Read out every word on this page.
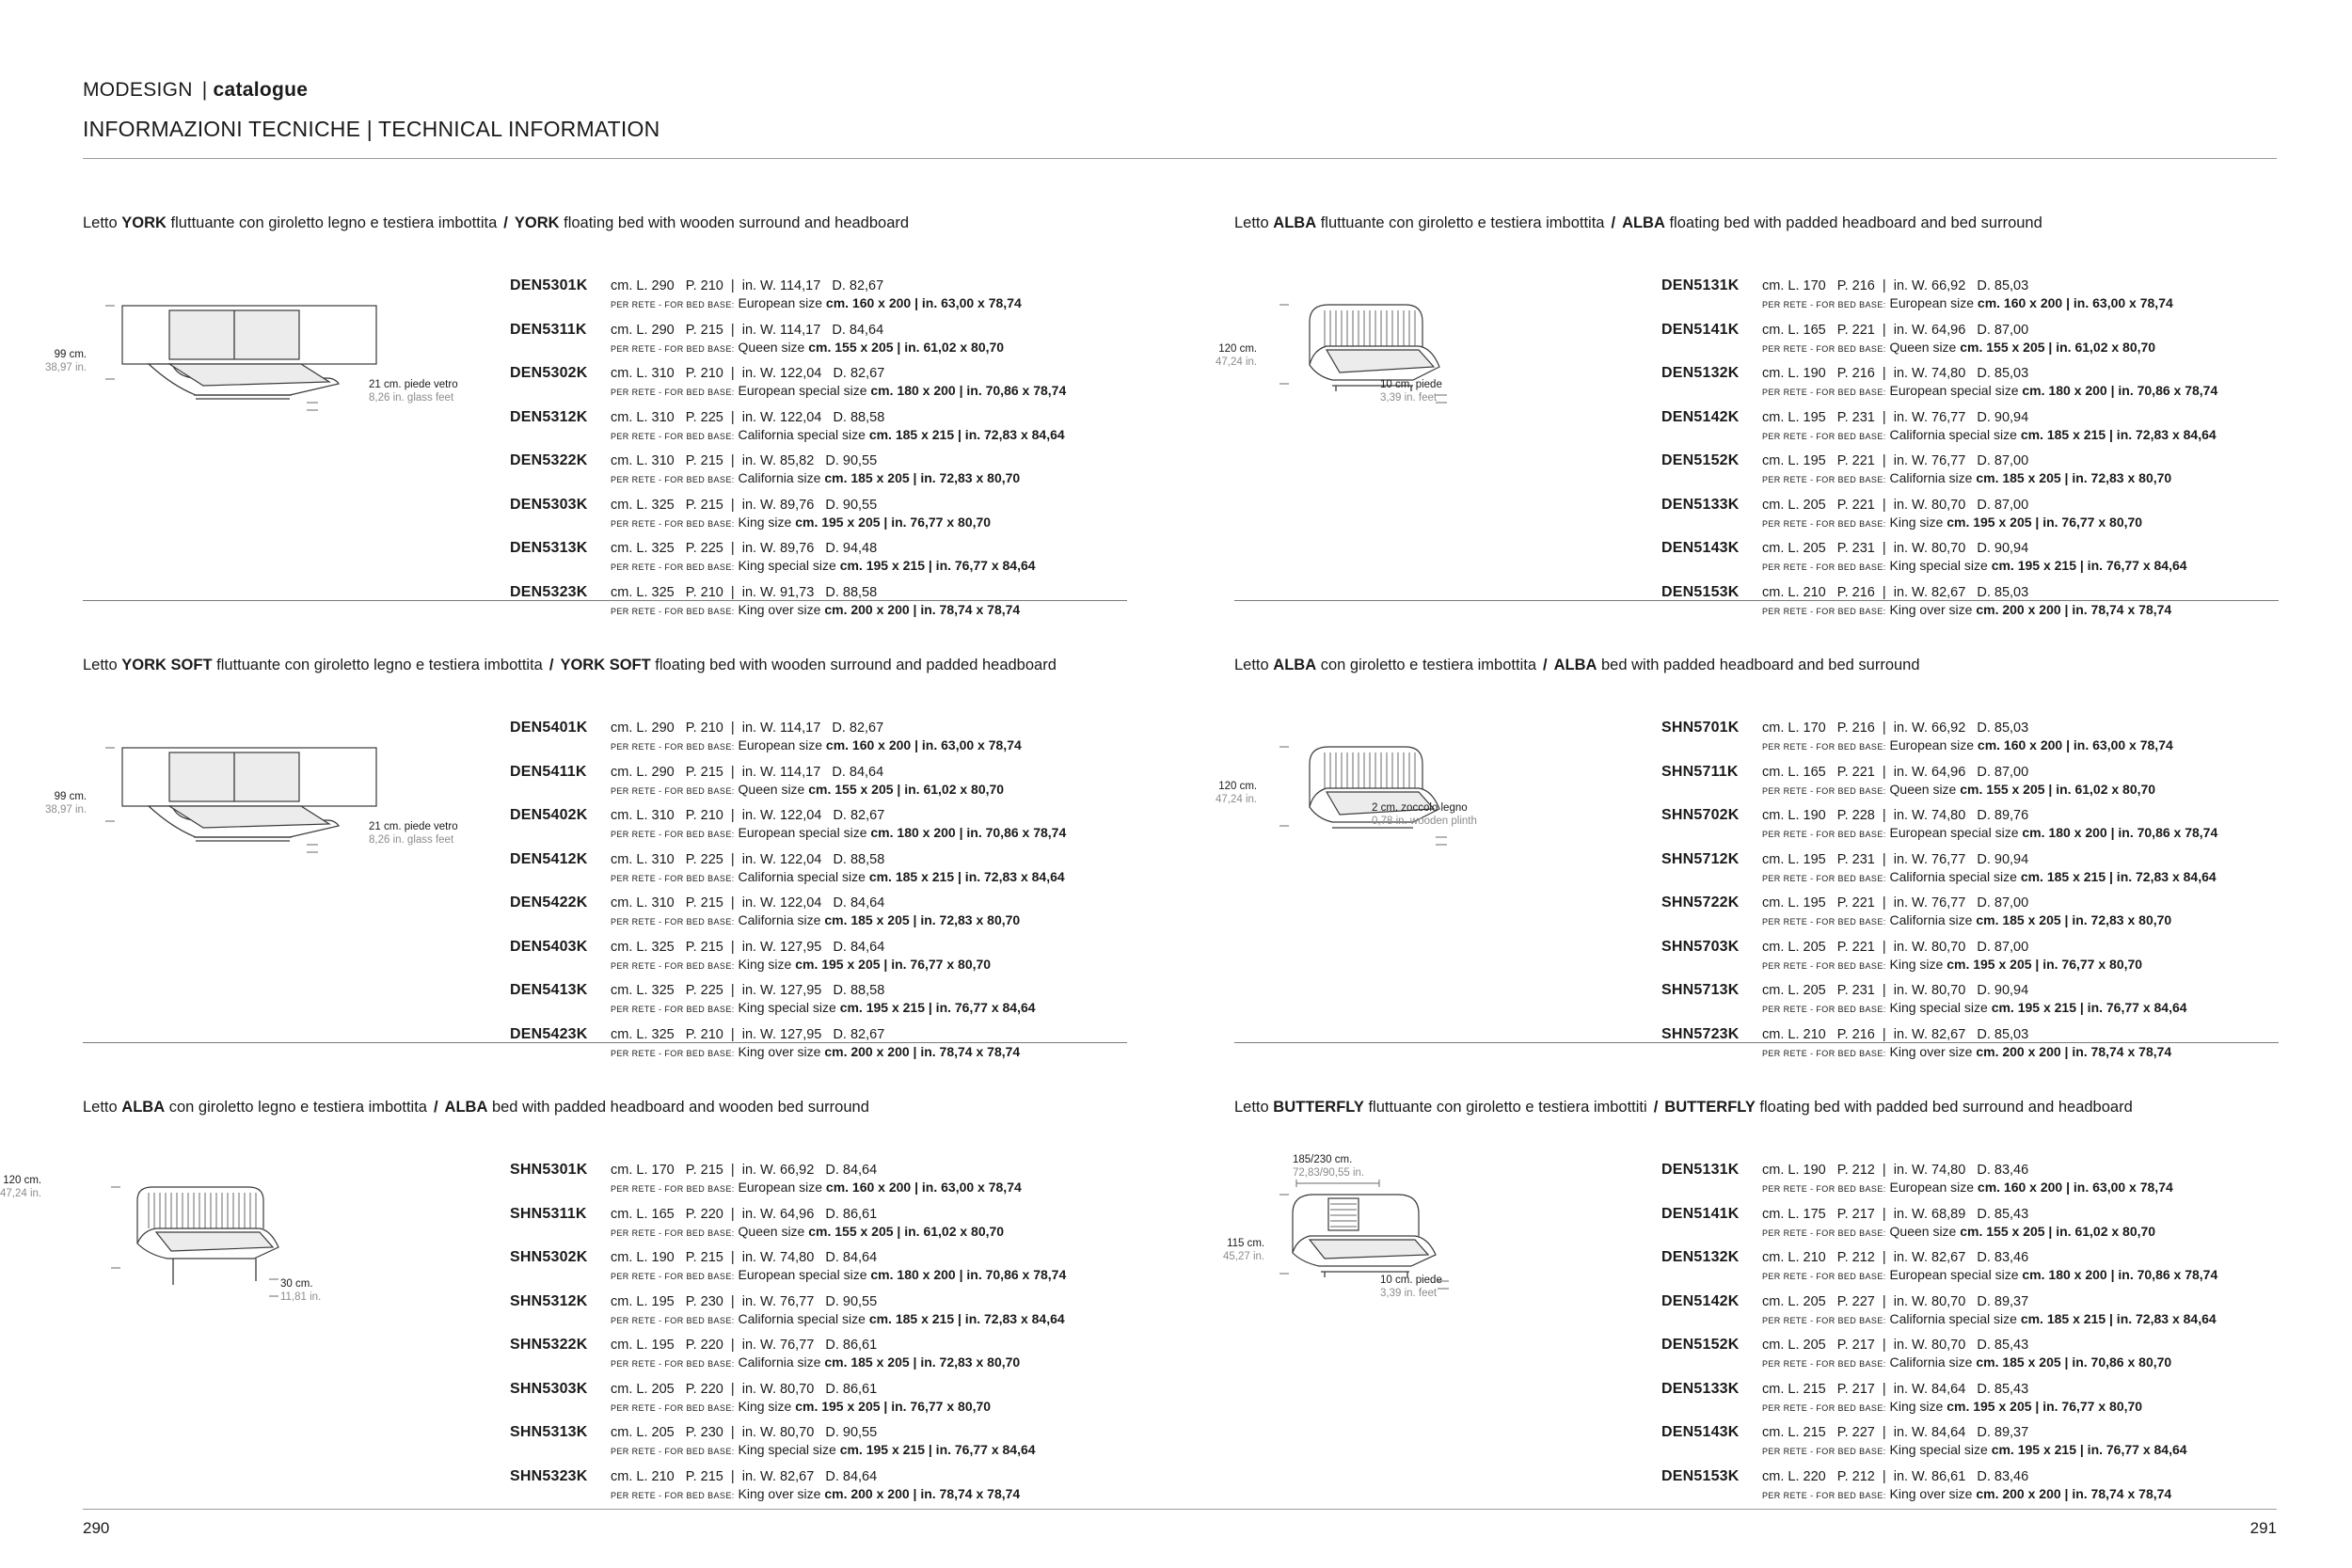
MODESIGN | catalogue
INFORMAZIONI TECNICHE | TECHNICAL INFORMATION
Letto YORK fluttuante con giroletto legno e testiera imbottita / YORK floating bed with wooden surround and headboard
99 cm.
38,97 in.
21 cm. piede vetro
8,26 in. glass feet
DEN5301K cm. L. 290   P. 210  |  in. W. 114,17   D. 82,67
PER RETE - FOR BED BASE: European size cm. 160 x 200 | in. 63,00 x 78,74
DEN5311K cm. L. 290   P. 215  |  in. W. 114,17   D. 84,64
PER RETE - FOR BED BASE: Queen size cm. 155 x 205 | in. 61,02 x 80,70
DEN5302K cm. L. 310   P. 210  |  in. W. 122,04   D. 82,67
PER RETE - FOR BED BASE: European special size cm. 180 x 200 | in. 70,86 x 78,74
DEN5312K cm. L. 310   P. 225  |  in. W. 122,04   D. 88,58
PER RETE - FOR BED BASE: California special size cm. 185 x 215 | in. 72,83 x 84,64
DEN5322K cm. L. 310   P. 215  |  in. W. 85,82   D. 90,55
PER RETE - FOR BED BASE: California size cm. 185 x 205 | in. 72,83 x 80,70
DEN5303K cm. L. 325   P. 215  |  in. W. 89,76   D. 90,55
PER RETE - FOR BED BASE: King size cm. 195 x 205 | in. 76,77 x 80,70
DEN5313K cm. L. 325   P. 225  |  in. W. 89,76   D. 94,48
PER RETE - FOR BED BASE: King special size cm. 195 x 215 | in. 76,77 x 84,64
DEN5323K cm. L. 325   P. 210  |  in. W. 91,73   D. 88,58
PER RETE - FOR BED BASE: King over size cm. 200 x 200 | in. 78,74 x 78,74
Letto ALBA fluttuante con giroletto e testiera imbottita / ALBA floating bed with padded headboard and bed surround
120 cm.
47,24 in.
10 cm. piede
3,39 in. feet
DEN5131K cm. L. 170   P. 216  |  in. W. 66,92   D. 85,03
PER RETE - FOR BED BASE: European size cm. 160 x 200 | in. 63,00 x 78,74
DEN5141K cm. L. 165   P. 221  |  in. W. 64,96   D. 87,00
PER RETE - FOR BED BASE: Queen size cm. 155 x 205 | in. 61,02 x 80,70
DEN5132K cm. L. 190   P. 216  |  in. W. 74,80   D. 85,03
PER RETE - FOR BED BASE: European special size cm. 180 x 200 | in. 70,86 x 78,74
DEN5142K cm. L. 195   P. 231  |  in. W. 76,77   D. 90,94
PER RETE - FOR BED BASE: California special size cm. 185 x 215 | in. 72,83 x 84,64
DEN5152K cm. L. 195   P. 221  |  in. W. 76,77   D. 87,00
PER RETE - FOR BED BASE: California size cm. 185 x 205 | in. 72,83 x 80,70
DEN5133K cm. L. 205   P. 221  |  in. W. 80,70   D. 87,00
PER RETE - FOR BED BASE: King size cm. 195 x 205 | in. 76,77 x 80,70
DEN5143K cm. L. 205   P. 231  |  in. W. 80,70   D. 90,94
PER RETE - FOR BED BASE: King special size cm. 195 x 215 | in. 76,77 x 84,64
DEN5153K cm. L. 210   P. 216  |  in. W. 82,67   D. 85,03
PER RETE - FOR BED BASE: King over size cm. 200 x 200 | in. 78,74 x 78,74
Letto YORK SOFT fluttuante con giroletto legno e testiera imbottita / YORK SOFT floating bed with wooden surround and padded headboard
99 cm.
38,97 in.
21 cm. piede vetro
8,26 in. glass feet
DEN5401K cm. L. 290   P. 210  |  in. W. 114,17   D. 82,67
PER RETE - FOR BED BASE: European size cm. 160 x 200 | in. 63,00 x 78,74
DEN5411K cm. L. 290   P. 215  |  in. W. 114,17   D. 84,64
PER RETE - FOR BED BASE: Queen size cm. 155 x 205 | in. 61,02 x 80,70
DEN5402K cm. L. 310   P. 210  |  in. W. 122,04   D. 82,67
PER RETE - FOR BED BASE: European special size cm. 180 x 200 | in. 70,86 x 78,74
DEN5412K cm. L. 310   P. 225  |  in. W. 122,04   D. 88,58
PER RETE - FOR BED BASE: California special size cm. 185 x 215 | in. 72,83 x 84,64
DEN5422K cm. L. 310   P. 215  |  in. W. 122,04   D. 84,64
PER RETE - FOR BED BASE: California size cm. 185 x 205 | in. 72,83 x 80,70
DEN5403K cm. L. 325   P. 215  |  in. W. 127,95   D. 84,64
PER RETE - FOR BED BASE: King size cm. 195 x 205 | in. 76,77 x 80,70
DEN5413K cm. L. 325   P. 225  |  in. W. 127,95   D. 88,58
PER RETE - FOR BED BASE: King special size cm. 195 x 215 | in. 76,77 x 84,64
DEN5423K cm. L. 325   P. 210  |  in. W. 127,95   D. 82,67
PER RETE - FOR BED BASE: King over size cm. 200 x 200 | in. 78,74 x 78,74
Letto ALBA con giroletto e testiera imbottita / ALBA bed with padded headboard and bed surround
120 cm.
47,24 in.
2 cm. zoccolo legno
0,78 in. wooden plinth
SHN5701K cm. L. 170   P. 216  |  in. W. 66,92   D. 85,03
PER RETE - FOR BED BASE: European size cm. 160 x 200 | in. 63,00 x 78,74
SHN5711K cm. L. 165   P. 221  |  in. W. 64,96   D. 87,00
PER RETE - FOR BED BASE: Queen size cm. 155 x 205 | in. 61,02 x 80,70
SHN5702K cm. L. 190   P. 228  |  in. W. 74,80   D. 89,76
PER RETE - FOR BED BASE: European special size cm. 180 x 200 | in. 70,86 x 78,74
SHN5712K cm. L. 195   P. 231  |  in. W. 76,77   D. 90,94
PER RETE - FOR BED BASE: California special size cm. 185 x 215 | in. 72,83 x 84,64
SHN5722K cm. L. 195   P. 221  |  in. W. 76,77   D. 87,00
PER RETE - FOR BED BASE: California size cm. 185 x 205 | in. 72,83 x 80,70
SHN5703K cm. L. 205   P. 221  |  in. W. 80,70   D. 87,00
PER RETE - FOR BED BASE: King size cm. 195 x 205 | in. 76,77 x 80,70
SHN5713K cm. L. 205   P. 231  |  in. W. 80,70   D. 90,94
PER RETE - FOR BED BASE: King special size cm. 195 x 215 | in. 76,77 x 84,64
SHN5723K cm. L. 210   P. 216  |  in. W. 82,67   D. 85,03
PER RETE - FOR BED BASE: King over size cm. 200 x 200 | in. 78,74 x 78,74
Letto ALBA con giroletto legno e testiera imbottita / ALBA bed with padded headboard and wooden bed surround
120 cm.
47,24 in.
30 cm.
11,81 in.
SHN5301K cm. L. 170   P. 215  |  in. W. 66,92   D. 84,64
PER RETE - FOR BED BASE: European size cm. 160 x 200 | in. 63,00 x 78,74
SHN5311K cm. L. 165   P. 220  |  in. W. 64,96   D. 86,61
PER RETE - FOR BED BASE: Queen size cm. 155 x 205 | in. 61,02 x 80,70
SHN5302K cm. L. 190   P. 215  |  in. W. 74,80   D. 84,64
PER RETE - FOR BED BASE: European special size cm. 180 x 200 | in. 70,86 x 78,74
SHN5312K cm. L. 195   P. 230  |  in. W. 76,77   D. 90,55
PER RETE - FOR BED BASE: California special size cm. 185 x 215 | in. 72,83 x 84,64
SHN5322K cm. L. 195   P. 220  |  in. W. 76,77   D. 86,61
PER RETE - FOR BED BASE: California size cm. 185 x 205 | in. 72,83 x 80,70
SHN5303K cm. L. 205   P. 220  |  in. W. 80,70   D. 86,61
PER RETE - FOR BED BASE: King size cm. 195 x 205 | in. 76,77 x 80,70
SHN5313K cm. L. 205   P. 230  |  in. W. 80,70   D. 90,55
PER RETE - FOR BED BASE: King special size cm. 195 x 215 | in. 76,77 x 84,64
SHN5323K cm. L. 210   P. 215  |  in. W. 82,67   D. 84,64
PER RETE - FOR BED BASE: King over size cm. 200 x 200 | in. 78,74 x 78,74
Letto BUTTERFLY fluttuante con giroletto e testiera imbottiti / BUTTERFLY floating bed with padded bed surround and headboard
115 cm.
45,27 in.
10 cm. piede
3,39 in. feet
185/230 cm.
72,83/90,55 in.	DEN5131K cm. L. 190   P. 212  |  in. W. 74,80   D. 83,46
PER RETE - FOR BED BASE: European size cm. 160 x 200 | in. 63,00 x 78,74
DEN5141K cm. L. 175   P. 217  |  in. W. 68,89   D. 85,43
PER RETE - FOR BED BASE: Queen size cm. 155 x 205 | in. 61,02 x 80,70
DEN5132K cm. L. 210   P. 212  |  in. W. 82,67   D. 83,46
PER RETE - FOR BED BASE: European special size cm. 180 x 200 | in. 70,86 x 78,74
DEN5142K cm. L. 205   P. 227  |  in. W. 80,70   D. 89,37
PER RETE - FOR BED BASE: California special size cm. 185 x 215 | in. 72,83 x 84,64
DEN5152K cm. L. 205   P. 217  |  in. W. 80,70   D. 85,43
PER RETE - FOR BED BASE: California size cm. 185 x 205 | in. 70,86 x 80,70
DEN5133K cm. L. 215   P. 217  |  in. W. 84,64   D. 85,43
PER RETE - FOR BED BASE: King size cm. 195 x 205 | in. 76,77 x 80,70
DEN5143K cm. L. 215   P. 227  |  in. W. 84,64   D. 89,37
PER RETE - FOR BED BASE: King special size cm. 195 x 215 | in. 76,77 x 84,64
DEN5153K cm. L. 220   P. 212  |  in. W. 86,61   D. 83,46
PER RETE - FOR BED BASE: King over size cm. 200 x 200 | in. 78,74 x 78,74
290	291
